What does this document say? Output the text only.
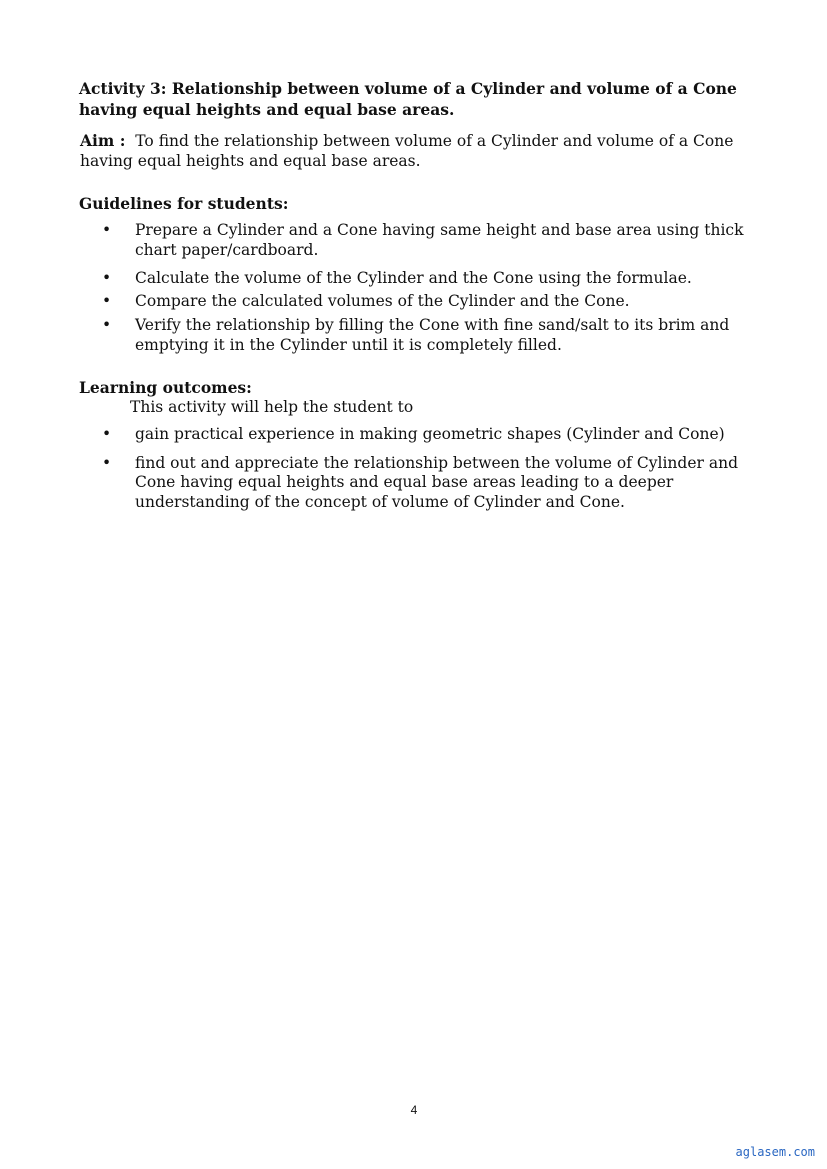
Activity 3: Relationship between volume of a Cylinder and volume of a Cone having equal heights and equal base areas.

Aim : To find the relationship between volume of a Cylinder and volume of a Cone having equal heights and equal base areas.

Guidelines for students:

• Prepare a Cylinder and a Cone having same height and base area using thick chart paper/cardboard.
• Calculate the volume of the Cylinder and the Cone using the formulae.
• Compare the calculated volumes of the Cylinder and the Cone.
• Verify the relationship by filling the Cone with fine sand/salt to its brim and emptying it in the Cylinder until it is completely filled.

Learning outcomes:

This activity will help the student to

• gain practical experience in making geometric shapes (Cylinder and Cone)
• find out and appreciate the relationship between the volume of Cylinder and Cone having equal heights and equal base areas leading to a deeper understanding of the concept of volume of Cylinder and Cone.
4
aglasem.com
